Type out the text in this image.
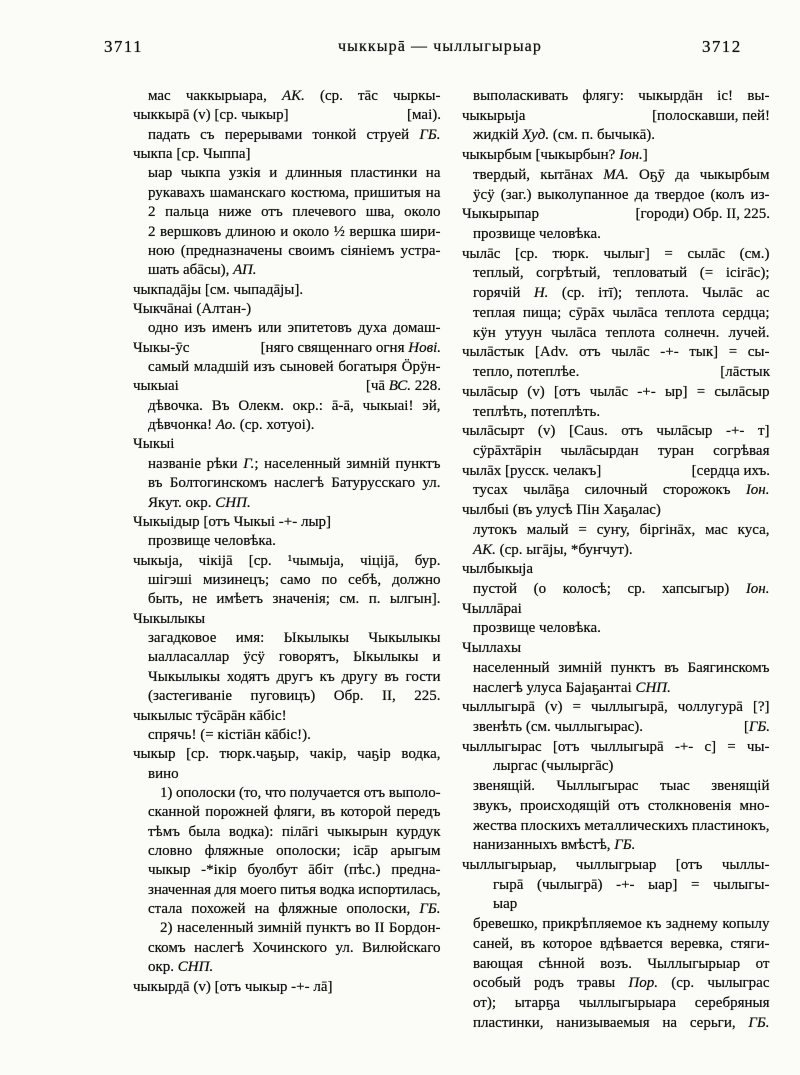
3711	чыккырā — чыллыгырыар	3712
мас чаккырыара, АК. (ср. тāс чыркы-
чыккырā (v) [ср. чыкыр]	[маі).
падать съ перерывами тонкой струей ГБ.
чыкпа [ср. Чыппа]
ыар чыкпа узкія и длинныя пластинки на
рукавахъ шаманскаго костюма, пришитыя на
2 пальца ниже отъ плечевого шва, около
2 вершковъ длиною и около ½ вершка шири-
ною (предназначены своимъ сіяніемъ устра-
шать абāсы), АП.
чыкпадāјы [см. чыпадāјы].
Чыкчāнаі (Алтан-)
одно изъ именъ или эпитетовъ духа домаш-
Чыкы-ӯс	[няго священнаго огня Нові.
самый младшій изъ сыновей богатыря Ӧрӱн-
чыкыаі	[чā ВС. 228.
дѣвочка. Въ Олекм. окр.: ā-ā, чыкыаі! эй,
дѣвчонка! Ао. (ср. хотуоі).
Чыкыі
названіе рѣки Г.; населенный зимній пунктъ
въ Болтогинскомъ наслегѣ Батурусскаго ул.
Якут. окр. СНП.
Чыкыідыр [отъ Чыкыі -+- лыр]
прозвище человѣка.
чыкыја, чікіјā [ср. ¹чымыја, чіціјā, бур.
шігэші мизинецъ; само по себѣ, должно
быть, не имѣетъ значенія; см. п. ылгын].
Чыкылыкы
загадковое имя: Ыкылыкы Чыкылыкы
ыалласаллар ӱсӱ говорятъ, Ыкылыкы и
Чыкылыкы ходятъ другъ къ другу въ гости
(застегиваніе пуговицъ) Обр. II, 225.
чыкылыс тӯсāрāн кāбіс!
спрячь! (= кістіāн кāбіс!).
чыкыр [ср. тюрк.чаҕыр, чакір, чаҕір водка,
вино
1) ополоски (то, что получается отъ выполо-
сканной порожней фляги, въ которой передъ
тѣмъ была водка): пілāгі чыкырын курдук
словно фляжные ополоски; ісāр арыгым
чыкыр -*ікір буолбут āбіт (пѣс.) предна-
значенная для моего питья водка испортилась,
стала похожей на фляжные ополоски, ГБ.
2) населенный зимній пунктъ во II Бордон-
скомъ наслегѣ Хочинского ул. Вилюйскаго
окр. СНП.
чыкырдā (v) [отъ чыкыр -+- лā]
выполаскивать флягу: чыкырдāн іс! вы-
чыкырыја	[полоскавши, пей!
жидкій Худ. (см. п. бычыкā).
чыкырбым [чыкырбын? Іон.]
твердый, кытāнах МА. Оҕӯ да чыкырбым
ӱсӱ (заг.) выколупанное да твердое (колъ из-
Чыкырыпар	[городи) Обр. II, 225.
прозвище человѣка.
чылāс [ср. тюрк. чылыг] = сылāс (см.)
теплый, согрѣтый, тепловатый (= ісігāс);
горячій Н. (ср. ітī); теплота. Чылāс ас
теплая пища; сӯрāх чылāса теплота сердца;
кӱн утуун чылāса теплота солнечн. лучей.
чылāстык [Adv. отъ чылāс -+- тык] = сы-
тепло, потеплѣе.	[лāстык
чылāсыр (v) [отъ чылāс -+- ыр] = сылāсыр
теплѣть, потеплѣть.
чылāсырт (v) [Caus. отъ чылāсыр -+- т]
сӱрāхтāрін чылāсырдан туран согрѣвая
чылāх [русск. челакъ]	[сердца ихъ.
тусах чылāҕа силочный сторожокъ Іон.
чылбыі (въ улусѣ Пін Хаҕалас)
лутокъ малый = суҥу, біргінāх, мас куса,
АК. (ср. ыгāјы, *буҥчут).
чылбыкыја
пустой (о колосѣ; ср. хапсыгыр) Іон.
Чыллāраі
прозвище человѣка.
Чыллахы
населенный зимній пунктъ въ Баягинскомъ
наслегѣ улуса Бајаҕантаі СНП.
чыллыгырā (v) = чыллыгырā, чоллугурā [?]
звенѣть (см. чыллыгырас).	[ГБ.
чыллыгырас [отъ чыллыгырā -+- с] = чы-
лыргас (чылыргāс)
звенящій. Чыллыгырас тыас звенящій
звукъ, происходящій отъ столкновенія мно-
жества плоскихъ металлическихъ пластинокъ,
нанизанныхъ вмѣстѣ, ГБ.
чыллыгырыар, чыллыгрыар [отъ чыллы-
гырā (чылыгрā) -+- ыар] = чылыгы-
ыар
бревешко, прикрѣпляемое къ заднему копылу
саней, въ которое вдѣвается веревка, стяги-
вающая сѣнной возъ. Чыллыгырыар от
особый родъ травы Пор. (ср. чылыграс
от); ытарҕа чыллыгырыара серебряныя
пластинки, нанизываемыя на серьги, ГБ.
